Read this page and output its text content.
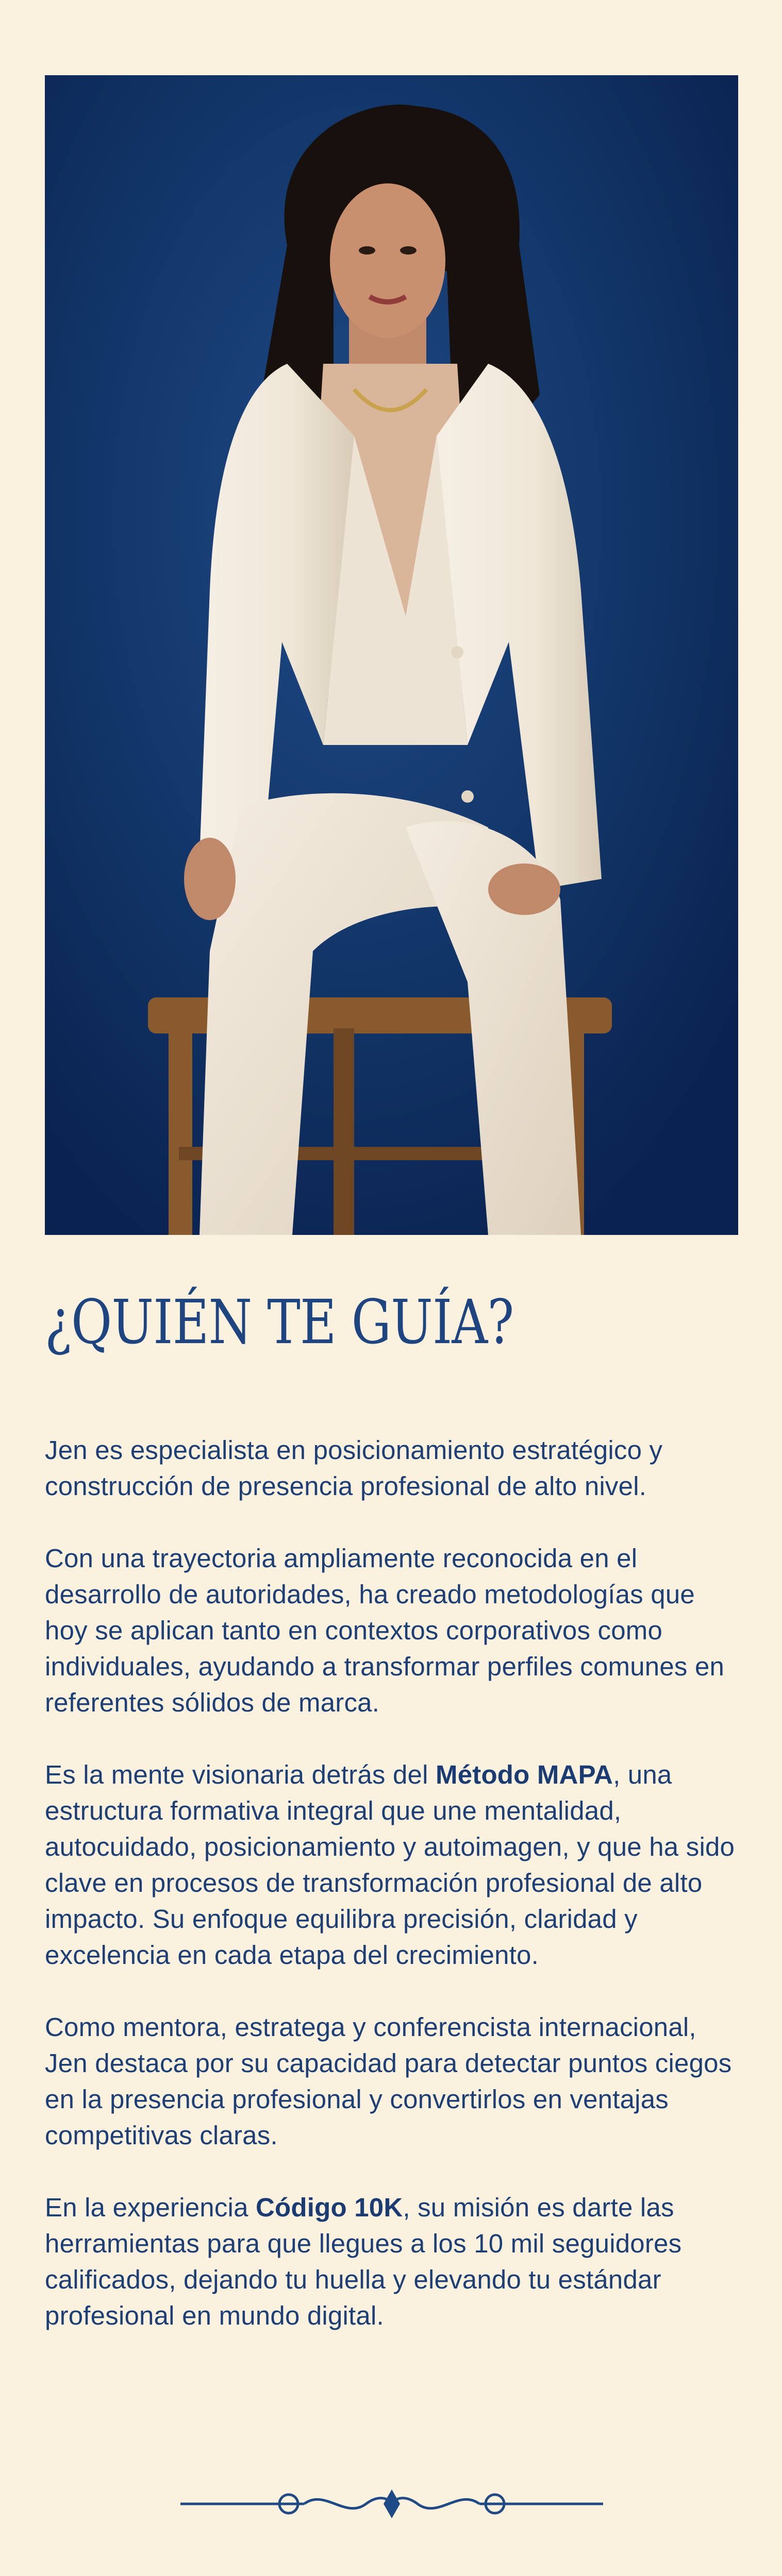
¿QUIÉN TE GUÍA?

Jen es especialista en posicionamiento estratégico y construcción de presencia profesional de alto nivel.

Con una trayectoria ampliamente reconocida en el desarrollo de autoridades, ha creado metodologías que hoy se aplican tanto en contextos corporativos como individuales, ayudando a transformar perfiles comunes en referentes sólidos de marca.

Es la mente visionaria detrás del Método MAPA, una estructura formativa integral que une mentalidad, autocuidado, posicionamiento y autoimagen, y que ha sido clave en procesos de transformación profesional de alto impacto. Su enfoque equilibra precisión, claridad y excelencia en cada etapa del crecimiento.

Como mentora, estratega y conferencista internacional, Jen destaca por su capacidad para detectar puntos ciegos en la presencia profesional y convertirlos en ventajas competitivas claras.

En la experiencia Código 10K, su misión es darte las herramientas para que llegues a los 10 mil seguidores calificados, dejando tu huella y elevando tu estándar profesional en mundo digital.
